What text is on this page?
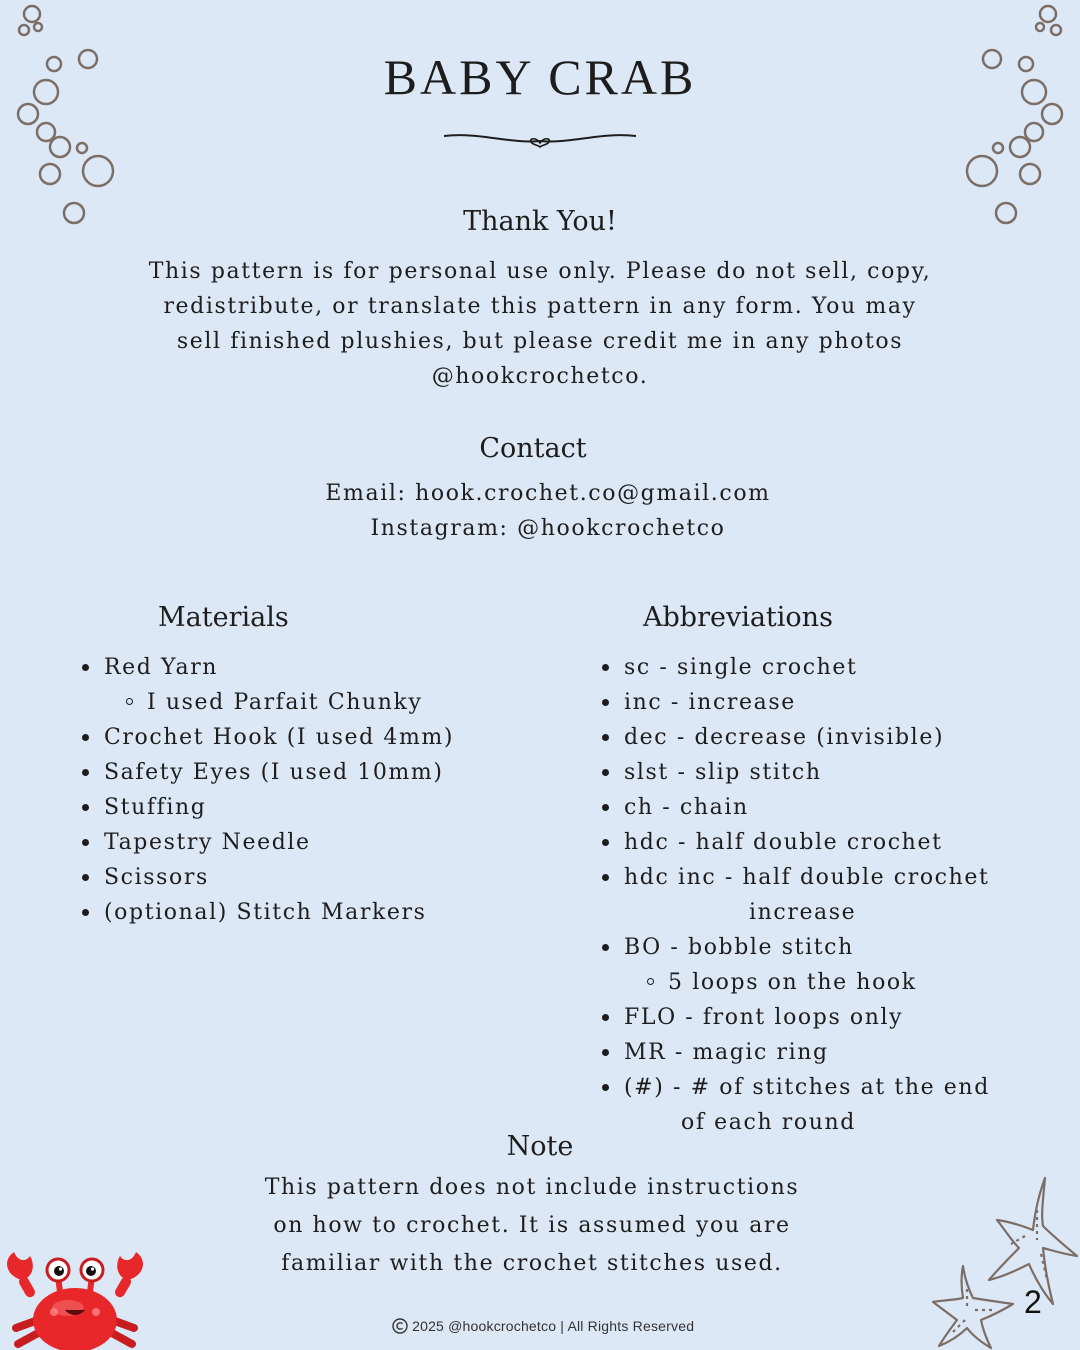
BABY CRAB
Thank You!
This pattern is for personal use only. Please do not sell, copy,
redistribute, or translate this pattern in any form. You may
sell finished plushies, but please credit me in any photos
@hookcrochetco.
Contact
Email: hook.crochet.co@gmail.com
Instagram: @hookcrochetco
Materials
Red Yarn
I used Parfait Chunky
Crochet Hook (I used 4mm)
Safety Eyes (I used 10mm)
Stuffing
Tapestry Needle
Scissors
(optional) Stitch Markers
Abbreviations
sc - single crochet
inc - increase
dec - decrease (invisible)
slst - slip stitch
ch - chain
hdc - half double crochet
hdc inc - half double crochet
increase
BO - bobble stitch
5 loops on the hook
FLO - front loops only
MR - magic ring
(#) - # of stitches at the end
of each round
Note
This pattern does not include instructions
on how to crochet. It is assumed you are
familiar with the crochet stitches used.
2025 @hookcrochetco | All Rights Reserved
2
